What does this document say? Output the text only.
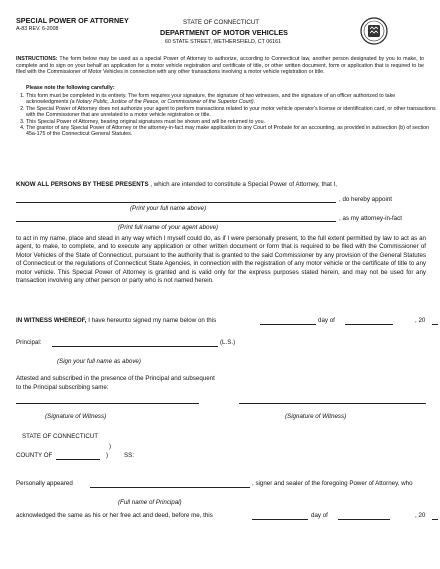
SPECIAL POWER OF ATTORNEY
A-83 REV. 6-2008
STATE OF CONNECTICUT
DEPARTMENT OF MOTOR VEHICLES
60 STATE STREET, WETHERSFIELD, CT 06161
INSTRUCTIONS: The form below may be used as a special Power of Attorney to authorize, according to Connecticut law, another person designated by you to make, to complete and to sign on your behalf an application for a motor vehicle registration and certificate of title, or other written document, form or application that is required to be filed with the Commissioner of Motor Vehicles in connection with any other transactions involving a motor vehicle registration or title.
Please note the following carefully:
1. This form must be completed in its entirety. The form requires your signature, the signature of two witnesses, and the signature of an officer authorized to take acknowledgments (a Notary Public, Justice of the Peace, or Commissioner of the Superior Court).
2. The Special Power of Attorney does not authorize your agent to perform transactions related to your motor vehicle operator's license or identification card, or other transactions with the Commissioner that are unrelated to a motor vehicle registration or title.
3. This Special Power of Attorney, bearing original signatures must be shown and will be returned to you.
4. The grantor of any Special Power of Attorney or the attorney-in-fact may make application to any Court of Probate for an accounting, as provided in subsection (b) of section 45a-175 of the Connecticut General Statutes.
KNOW ALL PERSONS BY THESE PRESENTS , which are intended to constitute a Special Power of Attorney, that I,
, do hereby appoint
(Print your full name above)
, as my attorney-in-fact
(Print full name of your agent above)
to act in my name, place and stead in any way which I myself could do, as if I were personally present, to the full extent permitted by law to act as an agent, to make, to complete, and to execute any application or other written document or form that is required to be filed with the Commissioner of Motor Vehicles of the State of Connecticut, pursuant to the authority that is granted to the said Commissioner by any provision of the General Statutes of Connecticut or the regulations of Connecticut State Agencies, in connection with the registration of any motor vehicle or the certificate of title to any motor vehicle. This Special Power of Attorney is granted and is valid only for the express purposes stated herein, and may not be used for any transaction involving any other person or party who is not named herein.
IN WITNESS WHEREOF, I have hereunto signed my name below on this	day of	, 20
Principal:	(L.S.)
(Sign your full name as above)
Attested and subscribed in the presence of the Principal and subsequent to the Principal subscribing same:
(Signature of Witness)	(Signature of Witness)
STATE OF CONNECTICUT
)
COUNTY OF	)	SS:
Personally appeared	, signer and sealer of the foregoing Power of Attorney, who
(Full name of Principal)
acknowledged the same as his or her free act and deed, before me, this	day of	, 20
